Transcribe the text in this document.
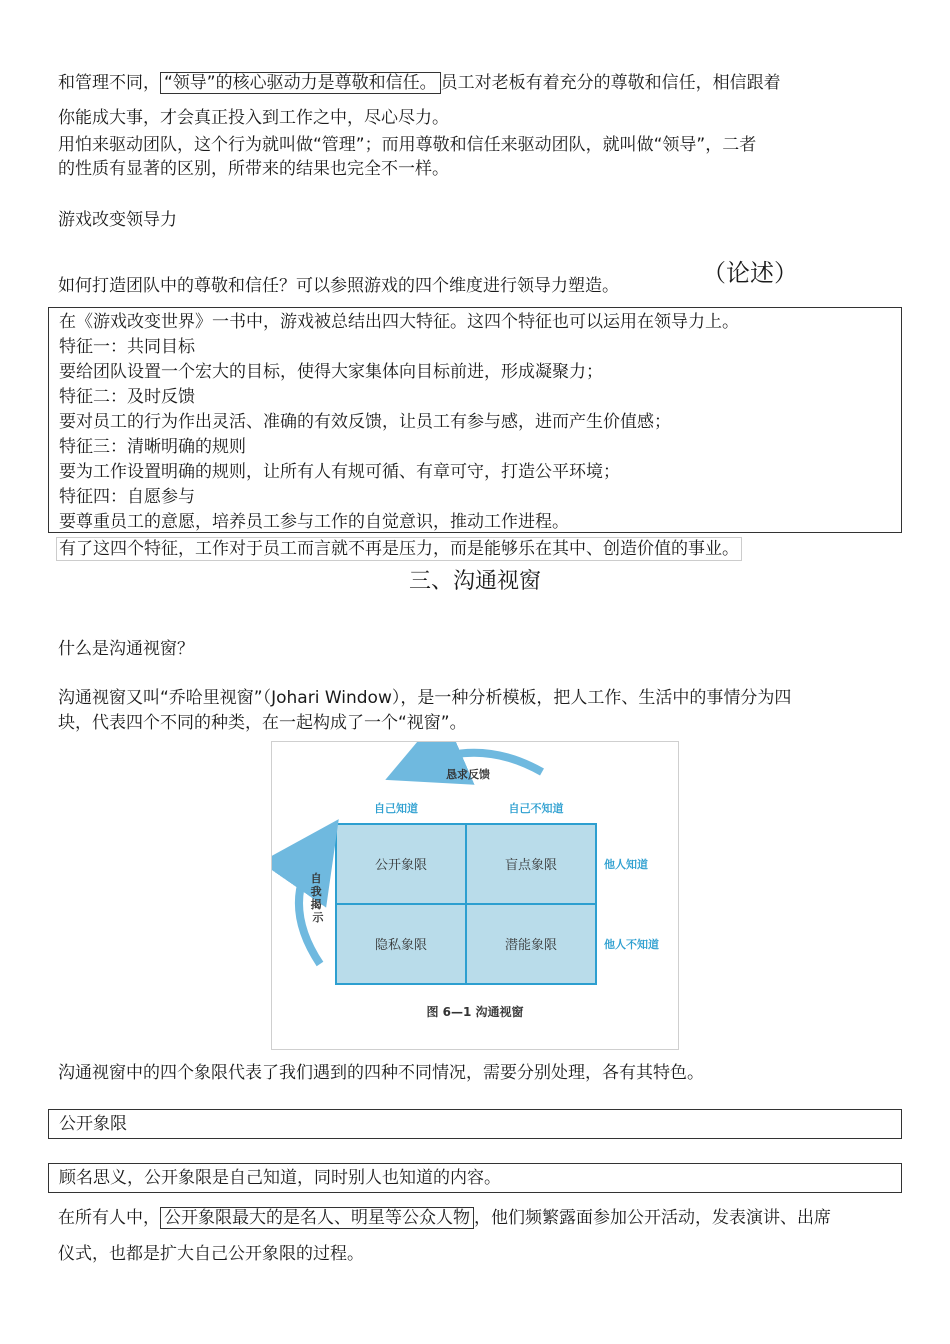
和管理不同， “领导”的核心驱动力是尊敬和信任。 员工对老板有着充分的尊敬和信任，相信跟着

你能成大事，才会真正投入到工作之中，尽心尽力。

用怕来驱动团队，这个行为就叫做“管理”；而用尊敬和信任来驱动团队，就叫做“领导”，二者

的性质有显著的区别，所带来的结果也完全不一样。

游戏改变领导力

如何打造团队中的尊敬和信任？可以参照游戏的四个维度进行领导力塑造。	（论述）

在《游戏改变世界》一书中，游戏被总结出四大特征。这四个特征也可以运用在领导力上。

特征一：共同目标

要给团队设置一个宏大的目标，使得大家集体向目标前进，形成凝聚力；

特征二：及时反馈

要对员工的行为作出灵活、准确的有效反馈，让员工有参与感，进而产生价值感；

特征三：清晰明确的规则

要为工作设置明确的规则，让所有人有规可循、有章可守，打造公平环境；

特征四：自愿参与

要尊重员工的意愿，培养员工参与工作的自觉意识，推动工作进程。

有了这四个特征，工作对于员工而言就不再是压力，而是能够乐在其中、创造价值的事业。
三、沟通视窗

什么是沟通视窗？

沟通视窗又叫“乔哈里视窗”（Johari Window），是一种分析模板，把人工作、生活中的事情分为四

块，代表四个不同的种类，在一起构成了一个“视窗”。

恳求反馈
自己知道	自己不知道
公开象限	盲点象限
隐私象限	潜能象限
他人知道
他人不知道
自 我 揭 示
图 6—1 沟通视窗

沟通视窗中的四个象限代表了我们遇到的四种不同情况，需要分别处理，各有其特色。

公开象限
顾名思义，公开象限是自己知道，同时别人也知道的内容。

在所有人中， 公开象限最大的是名人、明星等公众人物 ，他们频繁露面参加公开活动，发表演讲、出席

仪式，也都是扩大自己公开象限的过程。
